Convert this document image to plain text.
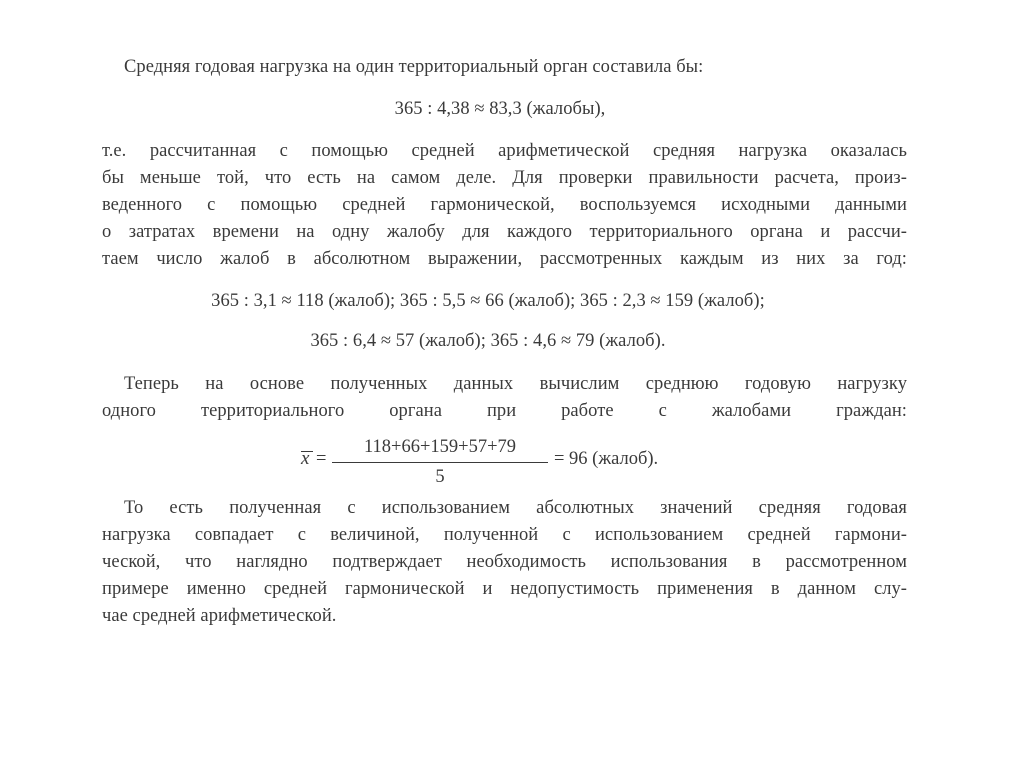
Средняя годовая нагрузка на один территориальный орган составила бы:
365 : 4,38 ≈ 83,3 (жалобы),
т.е. рассчитанная с помощью средней арифметической средняя нагрузка оказалась
бы меньше той, что есть на самом деле. Для проверки правильности расчета, произ-
веденного с помощью средней гармонической, воспользуемся исходными данными
о затратах времени на одну жалобу для каждого территориального органа и рассчи-
таем число жалоб в абсолютном выражении, рассмотренных каждым из них за год:
365 : 3,1 ≈ 118 (жалоб); 365 : 5,5 ≈ 66 (жалоб); 365 : 2,3 ≈ 159 (жалоб);
365 : 6,4 ≈ 57 (жалоб); 365 : 4,6 ≈ 79 (жалоб).
Теперь на основе полученных данных вычислим среднюю годовую нагрузку
одного территориального органа при работе с жалобами граждан:
x =
118+66+159+57+79
5
= 96 (жалоб).
То есть полученная с использованием абсолютных значений средняя годовая
нагрузка совпадает с величиной, полученной с использованием средней гармони-
ческой, что наглядно подтверждает необходимость использования в рассмотренном
примере именно средней гармонической и недопустимость применения в данном слу-
чае средней арифметической.
